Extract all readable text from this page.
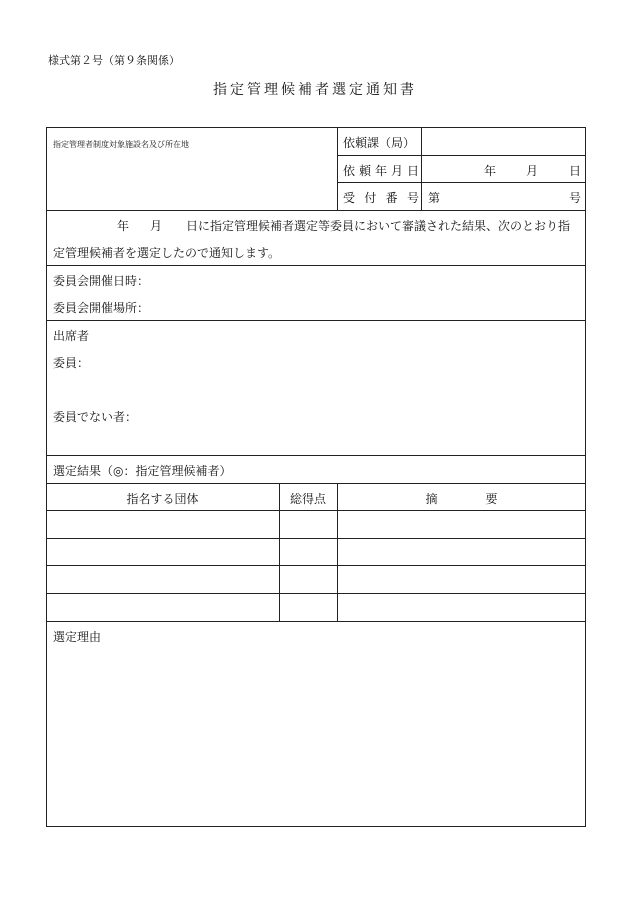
様式第２号（第９条関係）
指定管理候補者選定通知書
指定管理者制度対象施設名及び所在地	依頼課（局）
依頼年月日	年 月	日
受付番号 第	号
年 月 日に指定管理候補者選定等委員において審議された結果、次のとおり指
定管理候補者を選定したので通知します。
委員会開催日時：
委員会開催場所：
出席者
委員：
委員でない者：
選定結果（◎：指定管理候補者）
指名する団体	総得点	摘　　　　要
選定理由
